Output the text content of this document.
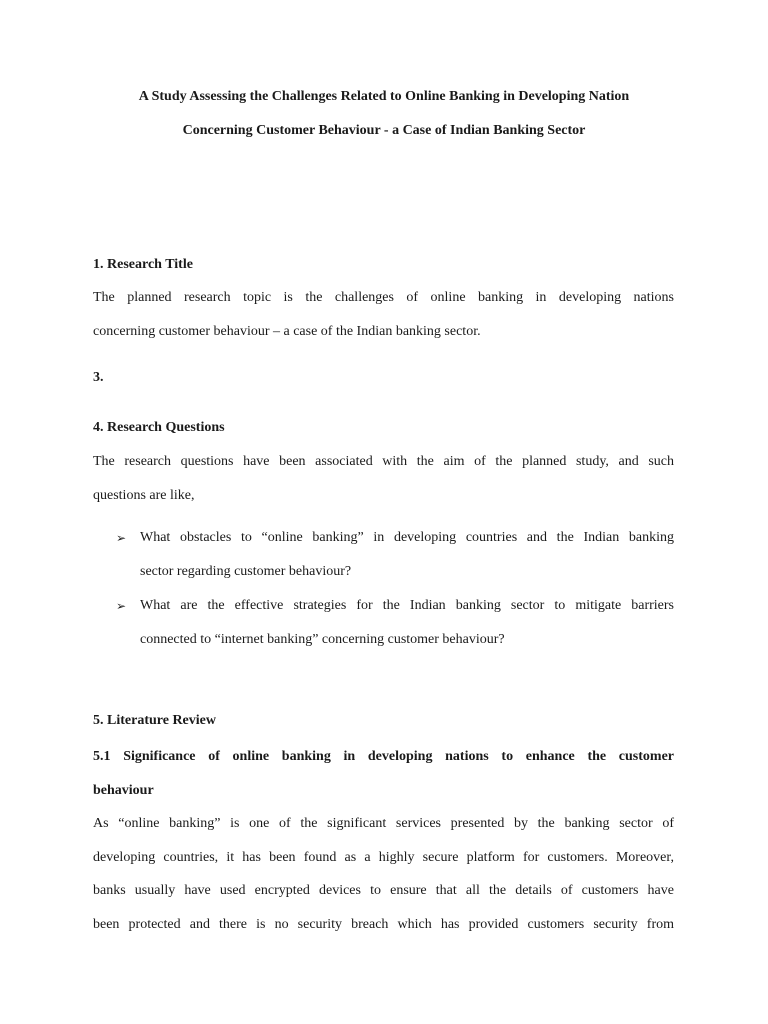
A Study Assessing the Challenges Related to Online Banking in Developing Nation
Concerning Customer Behaviour - a Case of Indian Banking Sector
1. Research Title
The planned research topic is the challenges of online banking in developing nations
concerning customer behaviour – a case of the Indian banking sector.
3.
4. Research Questions
The research questions have been associated with the aim of the planned study, and such
questions are like,
➢ What obstacles to “online banking” in developing countries and the Indian banking
sector regarding customer behaviour?
➢ What are the effective strategies for the Indian banking sector to mitigate barriers
connected to “internet banking” concerning customer behaviour?
5. Literature Review
5.1 Significance of online banking in developing nations to enhance the customer
behaviour
As “online banking” is one of the significant services presented by the banking sector of
developing countries, it has been found as a highly secure platform for customers. Moreover,
banks usually have used encrypted devices to ensure that all the details of customers have
been protected and there is no security breach which has provided customers security from
